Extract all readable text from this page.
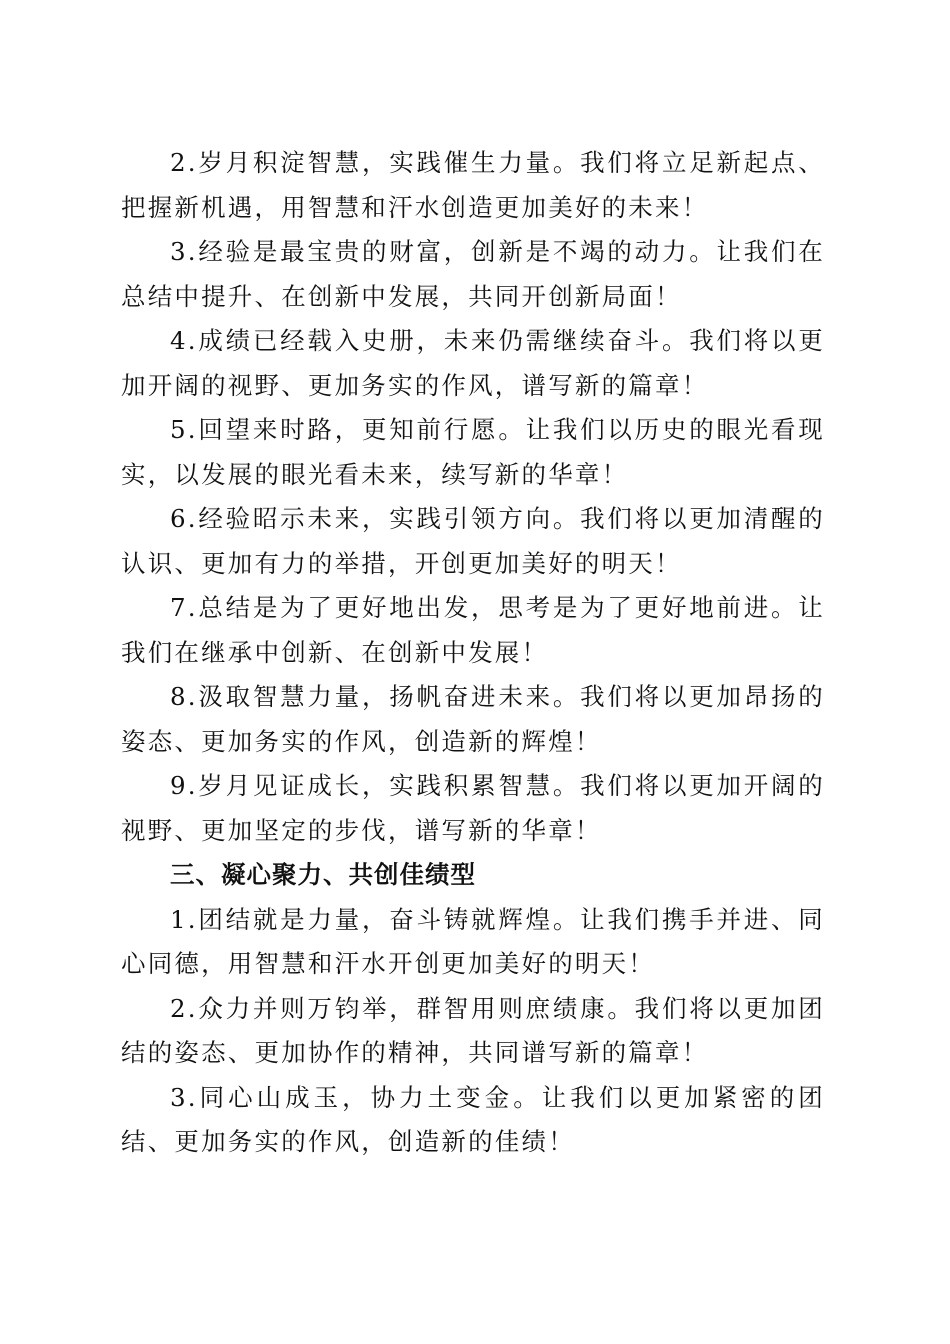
2.岁月积淀智慧，实践催生力量。我们将立足新起点、把握新机遇，用智慧和汗水创造更加美好的未来！

3.经验是最宝贵的财富，创新是不竭的动力。让我们在总结中提升、在创新中发展，共同开创新局面！

4.成绩已经载入史册，未来仍需继续奋斗。我们将以更加开阔的视野、更加务实的作风，谱写新的篇章！

5.回望来时路，更知前行愿。让我们以历史的眼光看现实，以发展的眼光看未来，续写新的华章！

6.经验昭示未来，实践引领方向。我们将以更加清醒的认识、更加有力的举措，开创更加美好的明天！

7.总结是为了更好地出发，思考是为了更好地前进。让我们在继承中创新、在创新中发展！

8.汲取智慧力量，扬帆奋进未来。我们将以更加昂扬的姿态、更加务实的作风，创造新的辉煌！

9.岁月见证成长，实践积累智慧。我们将以更加开阔的视野、更加坚定的步伐，谱写新的华章！

三、凝心聚力、共创佳绩型

1.团结就是力量，奋斗铸就辉煌。让我们携手并进、同心同德，用智慧和汗水开创更加美好的明天！

2.众力并则万钧举，群智用则庶绩康。我们将以更加团结的姿态、更加协作的精神，共同谱写新的篇章！

3.同心山成玉，协力土变金。让我们以更加紧密的团结、更加务实的作风，创造新的佳绩！
